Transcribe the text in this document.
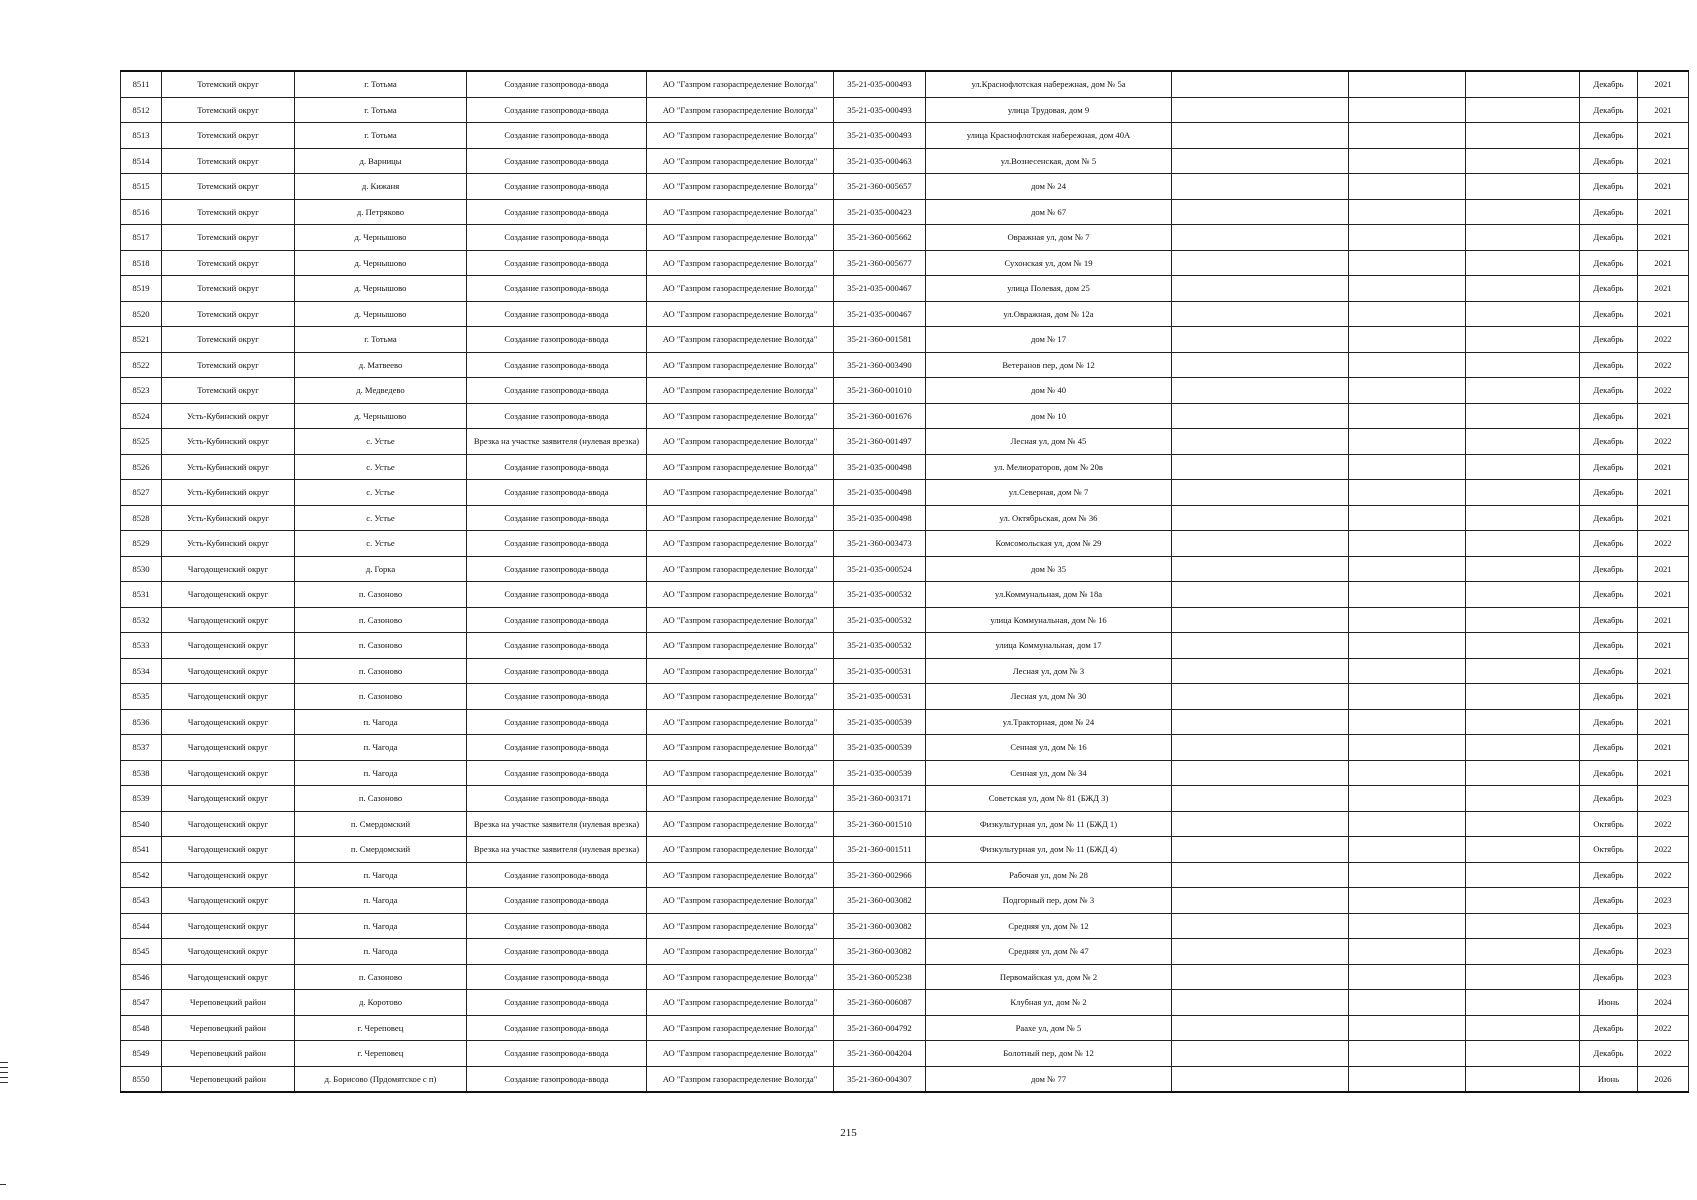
8511	Тотемский округ	г. Тотьма	Создание газопровода-ввода	АО "Газпром газораспределение Вологда"	35-21-035-000493	ул.Краснофлотская набережная, дом № 5а				Декабрь	2021
8512	Тотемский округ	г. Тотьма	Создание газопровода-ввода	АО "Газпром газораспределение Вологда"	35-21-035-000493	улица Трудовая, дом 9				Декабрь	2021
8513	Тотемский округ	г. Тотьма	Создание газопровода-ввода	АО "Газпром газораспределение Вологда"	35-21-035-000493	улица Краснофлотская набережная, дом 40А				Декабрь	2021
8514	Тотемский округ	д. Варницы	Создание газопровода-ввода	АО "Газпром газораспределение Вологда"	35-21-035-000463	ул.Вознесенская, дом № 5				Декабрь	2021
8515	Тотемский округ	д. Кижаня	Создание газопровода-ввода	АО "Газпром газораспределение Вологда"	35-21-360-005657	дом № 24				Декабрь	2021
8516	Тотемский округ	д. Петряково	Создание газопровода-ввода	АО "Газпром газораспределение Вологда"	35-21-035-000423	дом № 67				Декабрь	2021
8517	Тотемский округ	д. Чернышово	Создание газопровода-ввода	АО "Газпром газораспределение Вологда"	35-21-360-005662	Овражная ул, дом № 7				Декабрь	2021
8518	Тотемский округ	д. Чернышово	Создание газопровода-ввода	АО "Газпром газораспределение Вологда"	35-21-360-005677	Сухонская ул, дом № 19				Декабрь	2021
8519	Тотемский округ	д. Чернышово	Создание газопровода-ввода	АО "Газпром газораспределение Вологда"	35-21-035-000467	улица Полевая, дом 25				Декабрь	2021
8520	Тотемский округ	д. Чернышово	Создание газопровода-ввода	АО "Газпром газораспределение Вологда"	35-21-035-000467	ул.Овражная, дом № 12а				Декабрь	2021
8521	Тотемский округ	г. Тотьма	Создание газопровода-ввода	АО "Газпром газораспределение Вологда"	35-21-360-001581	дом № 17				Декабрь	2022
8522	Тотемский округ	д. Матвеево	Создание газопровода-ввода	АО "Газпром газораспределение Вологда"	35-21-360-003490	Ветеранов пер, дом № 12				Декабрь	2022
8523	Тотемский округ	д. Медведево	Создание газопровода-ввода	АО "Газпром газораспределение Вологда"	35-21-360-001010	дом № 40				Декабрь	2022
8524	Усть-Кубинский округ	д. Чернышово	Создание газопровода-ввода	АО "Газпром газораспределение Вологда"	35-21-360-001676	дом № 10				Декабрь	2021
8525	Усть-Кубинский округ	с. Устье	Врезка на участке заявителя (нулевая врезка)	АО "Газпром газораспределение Вологда"	35-21-360-001497	Лесная ул, дом № 45				Декабрь	2022
8526	Усть-Кубинский округ	с. Устье	Создание газопровода-ввода	АО "Газпром газораспределение Вологда"	35-21-035-000498	ул. Мелиораторов, дом № 20в				Декабрь	2021
8527	Усть-Кубинский округ	с. Устье	Создание газопровода-ввода	АО "Газпром газораспределение Вологда"	35-21-035-000498	ул.Северная, дом № 7				Декабрь	2021
8528	Усть-Кубинский округ	с. Устье	Создание газопровода-ввода	АО "Газпром газораспределение Вологда"	35-21-035-000498	ул. Октябрьская, дом № 36				Декабрь	2021
8529	Усть-Кубинский округ	с. Устье	Создание газопровода-ввода	АО "Газпром газораспределение Вологда"	35-21-360-003473	Комсомольская ул, дом № 29				Декабрь	2022
8530	Чагодощенский округ	д. Горка	Создание газопровода-ввода	АО "Газпром газораспределение Вологда"	35-21-035-000524	дом № 35				Декабрь	2021
8531	Чагодощенский округ	п. Сазоново	Создание газопровода-ввода	АО "Газпром газораспределение Вологда"	35-21-035-000532	ул.Коммунальная, дом № 18а				Декабрь	2021
8532	Чагодощенский округ	п. Сазоново	Создание газопровода-ввода	АО "Газпром газораспределение Вологда"	35-21-035-000532	улица Коммунальная, дом № 16				Декабрь	2021
8533	Чагодощенский округ	п. Сазоново	Создание газопровода-ввода	АО "Газпром газораспределение Вологда"	35-21-035-000532	улица Коммунальная, дом 17				Декабрь	2021
8534	Чагодощенский округ	п. Сазоново	Создание газопровода-ввода	АО "Газпром газораспределение Вологда"	35-21-035-000531	Лесная ул, дом № 3				Декабрь	2021
8535	Чагодощенский округ	п. Сазоново	Создание газопровода-ввода	АО "Газпром газораспределение Вологда"	35-21-035-000531	Лесная ул, дом № 30				Декабрь	2021
8536	Чагодощенский округ	п. Чагода	Создание газопровода-ввода	АО "Газпром газораспределение Вологда"	35-21-035-000539	ул.Тракторная, дом № 24				Декабрь	2021
8537	Чагодощенский округ	п. Чагода	Создание газопровода-ввода	АО "Газпром газораспределение Вологда"	35-21-035-000539	Сенная ул, дом № 16				Декабрь	2021
8538	Чагодощенский округ	п. Чагода	Создание газопровода-ввода	АО "Газпром газораспределение Вологда"	35-21-035-000539	Сенная ул, дом № 34				Декабрь	2021
8539	Чагодощенский округ	п. Сазоново	Создание газопровода-ввода	АО "Газпром газораспределение Вологда"	35-21-360-003171	Советская ул, дом № 81 (БЖД 3)				Декабрь	2023
8540	Чагодощенский округ	п. Смердомский	Врезка на участке заявителя (нулевая врезка)	АО "Газпром газораспределение Вологда"	35-21-360-001510	Физкультурная ул, дом № 11 (БЖД 1)				Октябрь	2022
8541	Чагодощенский округ	п. Смердомский	Врезка на участке заявителя (нулевая врезка)	АО "Газпром газораспределение Вологда"	35-21-360-001511	Физкультурная ул, дом № 11 (БЖД 4)				Октябрь	2022
8542	Чагодощенский округ	п. Чагода	Создание газопровода-ввода	АО "Газпром газораспределение Вологда"	35-21-360-002966	Рабочая ул, дом № 28				Декабрь	2022
8543	Чагодощенский округ	п. Чагода	Создание газопровода-ввода	АО "Газпром газораспределение Вологда"	35-21-360-003082	Подгорный пер, дом № 3				Декабрь	2023
8544	Чагодощенский округ	п. Чагода	Создание газопровода-ввода	АО "Газпром газораспределение Вологда"	35-21-360-003082	Средняя ул, дом № 12				Декабрь	2023
8545	Чагодощенский округ	п. Чагода	Создание газопровода-ввода	АО "Газпром газораспределение Вологда"	35-21-360-003082	Средняя ул, дом № 47				Декабрь	2023
8546	Чагодощенский округ	п. Сазоново	Создание газопровода-ввода	АО "Газпром газораспределение Вологда"	35-21-360-005238	Первомайская ул, дом № 2				Декабрь	2023
8547	Череповецкий район	д. Коротово	Создание газопровода-ввода	АО "Газпром газораспределение Вологда"	35-21-360-006087	Клубная ул, дом № 2				Июнь	2024
8548	Череповецкий район	г. Череповец	Создание газопровода-ввода	АО "Газпром газораспределение Вологда"	35-21-360-004792	Раахе ул, дом № 5				Декабрь	2022
8549	Череповецкий район	г. Череповец	Создание газопровода-ввода	АО "Газпром газораспределение Вологда"	35-21-360-004204	Болотный пер, дом № 12				Декабрь	2022
8550	Череповецкий район	д. Борисово (Прдомятское с п)	Создание газопровода-ввода	АО "Газпром газораспределение Вологда"	35-21-360-004307	дом № 77				Июнь	2026
215
